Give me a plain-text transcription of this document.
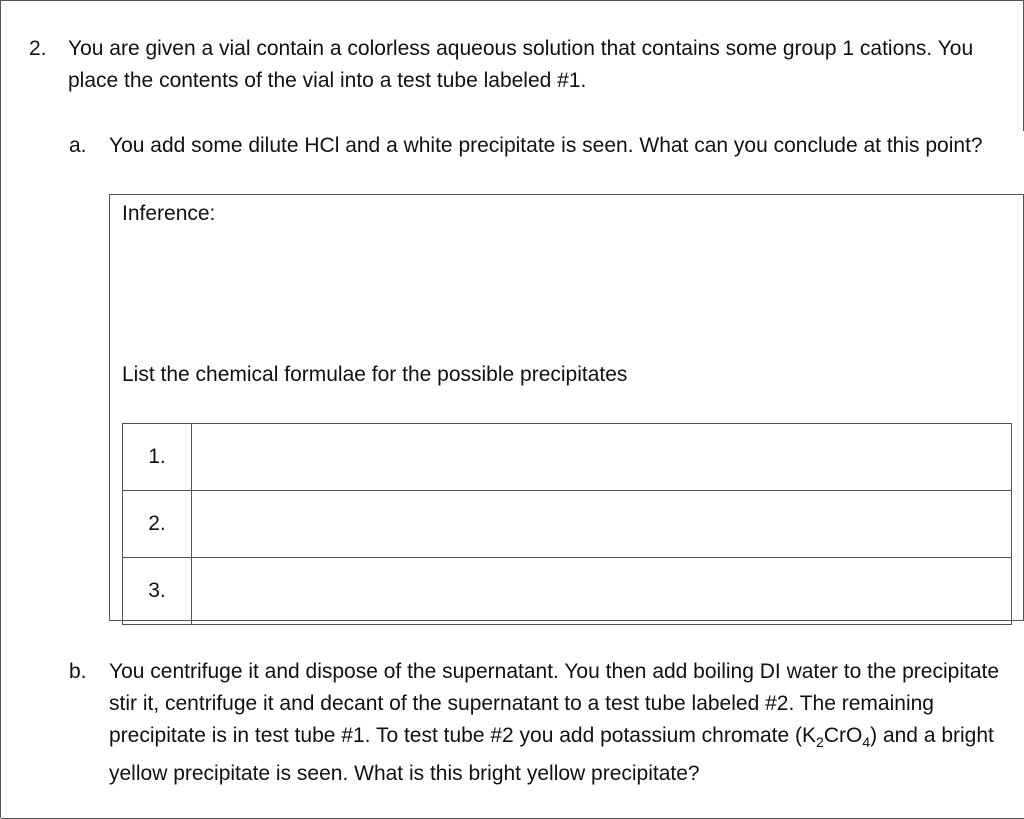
2. You are given a vial contain a colorless aqueous solution that contains some group 1 cations. You place the contents of the vial into a test tube labeled #1.
a. You add some dilute HCl and a white precipitate is seen. What can you conclude at this point?
Inference:
List the chemical formulae for the possible precipitates
1.	
2.	
3.	
b. You centrifuge it and dispose of the supernatant. You then add boiling DI water to the precipitate stir it, centrifuge it and decant of the supernatant to a test tube labeled #2. The remaining precipitate is in test tube #1. To test tube #2 you add potassium chromate $(K_2CrO_4)$ and a bright yellow precipitate is seen. What is this bright yellow precipitate?
